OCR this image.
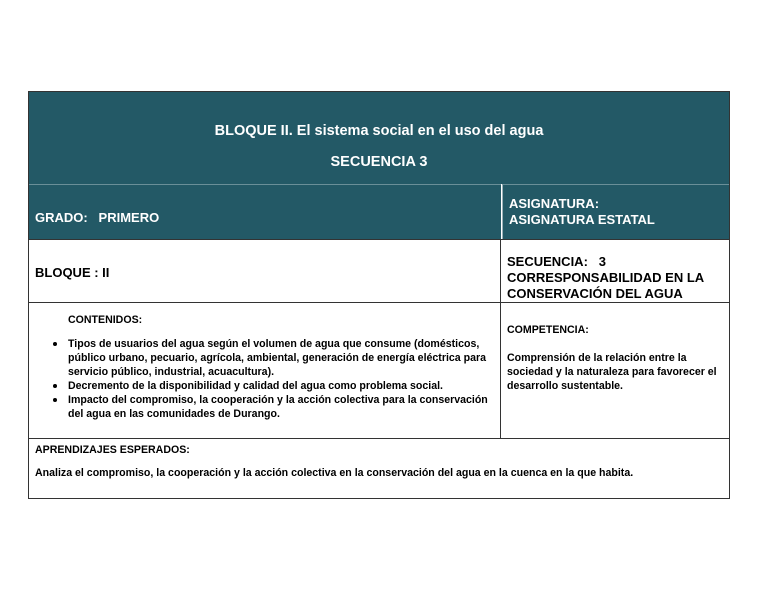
BLOQUE II. El sistema social en el uso del agua
SECUENCIA 3
GRADO:   PRIMERO
ASIGNATURA:
ASIGNATURA ESTATAL
BLOQUE : II
SECUENCIA:   3
CORRESPONSABILIDAD EN LA
CONSERVACIÓN DEL AGUA
CONTENIDOS:
Tipos de usuarios del agua según el volumen de agua que consume (domésticos, público urbano, pecuario, agrícola, ambiental, generación de energía eléctrica para servicio público, industrial, acuacultura).
Decremento de la disponibilidad y calidad del agua como problema social.
Impacto del compromiso, la cooperación y la acción colectiva para la conservación del agua en las comunidades de Durango.
COMPETENCIA:
Comprensión de la relación entre la sociedad y la naturaleza para favorecer el desarrollo sustentable.
APRENDIZAJES ESPERADOS:
Analiza el compromiso, la cooperación y la acción colectiva en la conservación del agua en la cuenca en la que habita.
